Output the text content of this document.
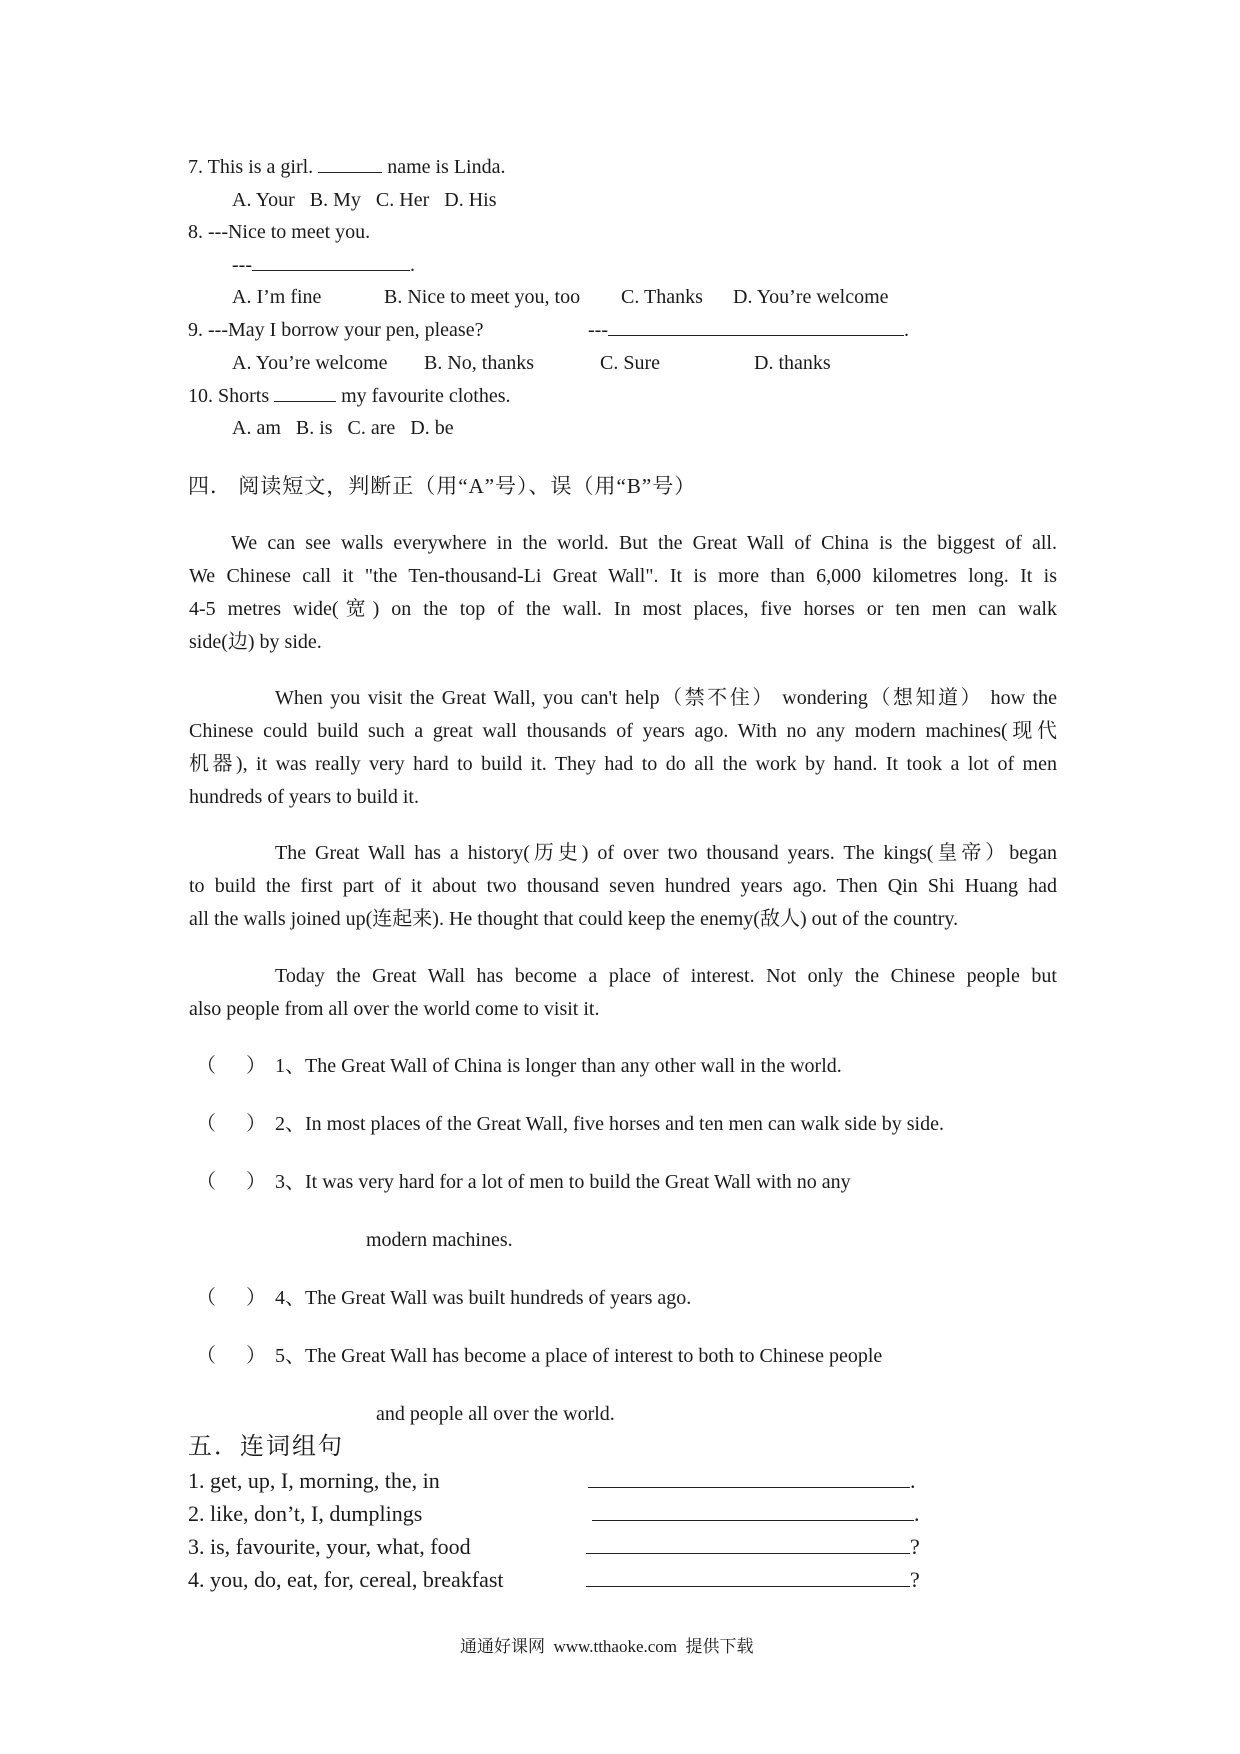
7. This is a girl.	name is Linda.
A. Your   B. My   C. Her   D. His
8. ---Nice to meet you.
---	.
A. I’m fine	B. Nice to meet you, too C. Thanks D. You’re welcome
9. ---May I borrow your pen, please?	---	.
A. You’re welcome B. No, thanks	C. Sure	D. thanks
10. Shorts	my favourite clothes.
A. am   B. is   C. are   D. be
四． 阅读短文，判断正（用“A”号）、误（用“B”号）
We can see walls everywhere in the world. But the Great Wall of China is the biggest of all.
We Chinese call it "the Ten-thousand-Li Great Wall". It is more than 6,000 kilometres long. It is
4-5 metres wide(宽) on the top of the wall. In most places, five horses or ten men can walk
side(边) by side.
When you visit the Great Wall, you can't help（禁不住） wondering（想知道） how the
Chinese could build such a great wall thousands of years ago. With no any modern machines(现代
机器), it was really very hard to build it. They had to do all the work by hand. It took a lot of men
hundreds of years to build it.
The Great Wall has a history(历史) of over two thousand years. The kings(皇帝）began
to build the first part of it about two thousand seven hundred years ago. Then Qin Shi Huang had
all the walls joined up(连起来). He thought that could keep the enemy(敌人) out of the country.
Today the Great Wall has become a place of interest. Not only the Chinese people but
also people from all over the world come to visit it.
（      ） 1、The Great Wall of China is longer than any other wall in the world.
（      ） 2、In most places of the Great Wall, five horses and ten men can walk side by side.
（      ） 3、It was very hard for a lot of men to build the Great Wall with no any
modern machines.
（      ） 4、The Great Wall was built hundreds of years ago.
（      ） 5、The Great Wall has become a place of interest to both to Chinese people
and people all over the world.
五．连词组句
1. get, up, I, morning, the, in	.
2. like, don’t, I, dumplings	.
3. is, favourite, your, what, food	?
4. you, do, eat, for, cereal, breakfast	?
通通好课网  www.tthaoke.com  提供下载
